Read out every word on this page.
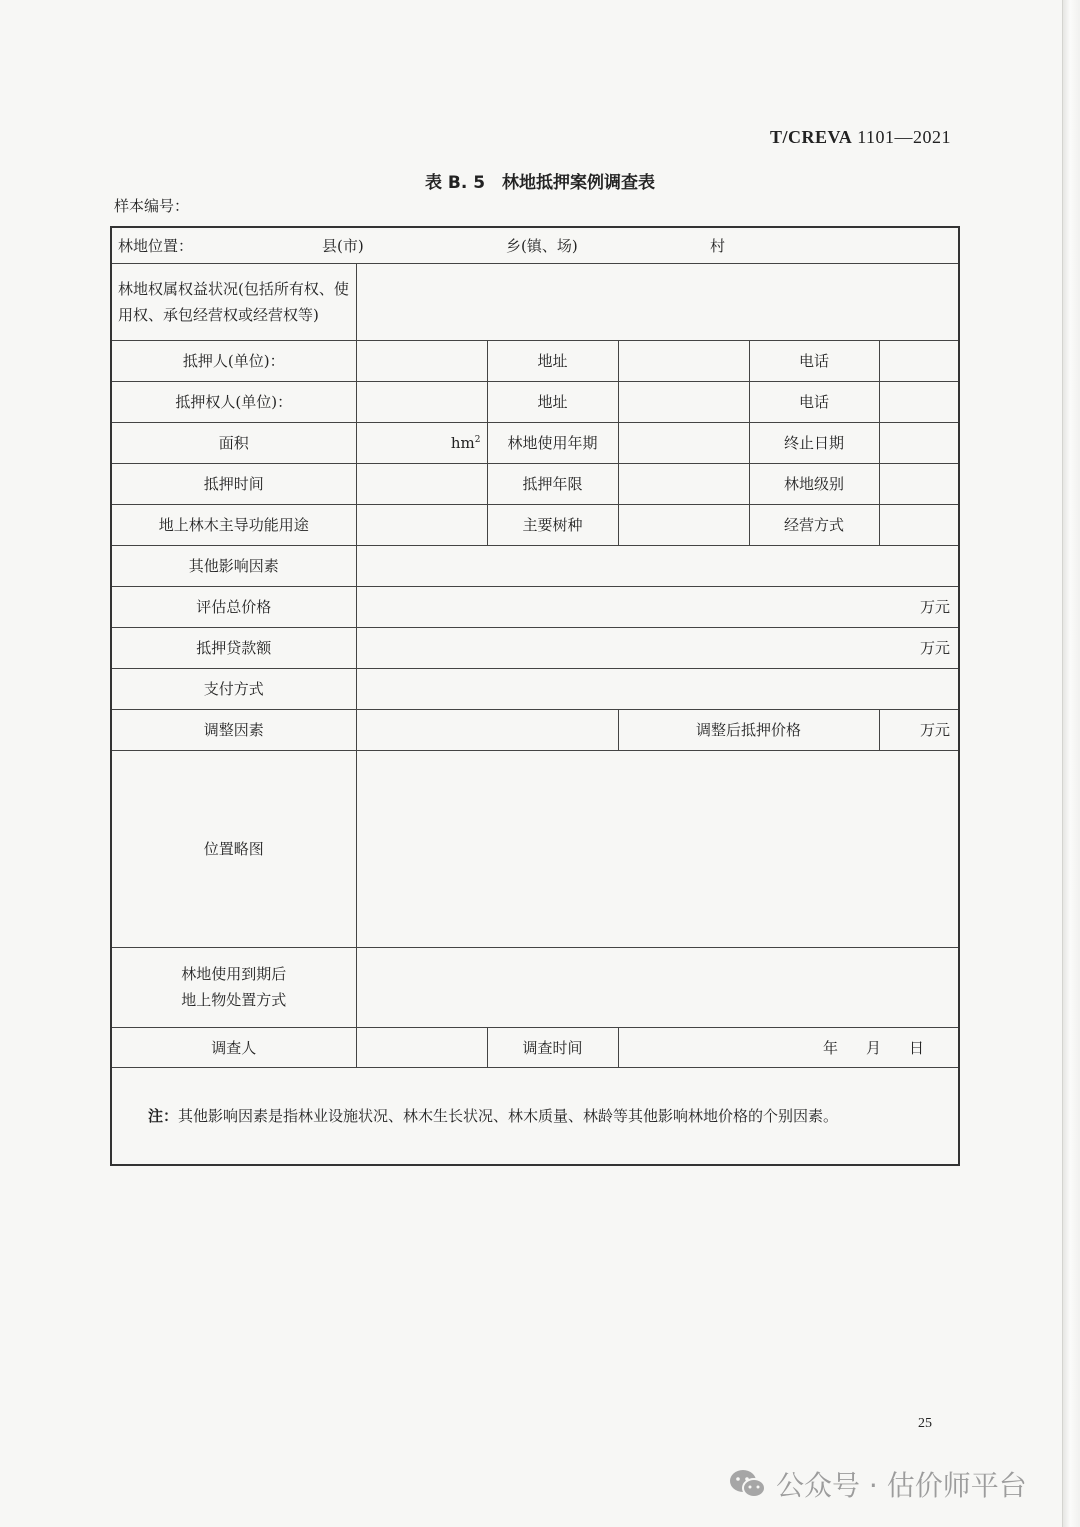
T/CREVA 1101—2021
表 B. 5　林地抵押案例调查表
样本编号：
林地位置： 县(市) 乡(镇、场) 村					
林地权属权益状况(包括所有权、使用权、承包经营权或经营权等)					
抵押人(单位)：		地址		电话	
抵押权人(单位)：		地址		电话	
面积	$hm^2$	林地使用年期		终止日期	
抵押时间		抵押年限		林地级别	
地上林木主导功能用途		主要树种		经营方式	
其他影响因素					
评估总价格	万元				
抵押贷款额	万元				
支付方式					
调整因素			调整后抵押价格		万元
位置略图					

林地使用到期后
地上物处置方式					

调查人		调查时间	年 月 日		
注：其他影响因素是指林业设施状况、林木生长状况、林木质量、林龄等其他影响林地价格的个别因素。					
25
公众号 · 估价师平台
